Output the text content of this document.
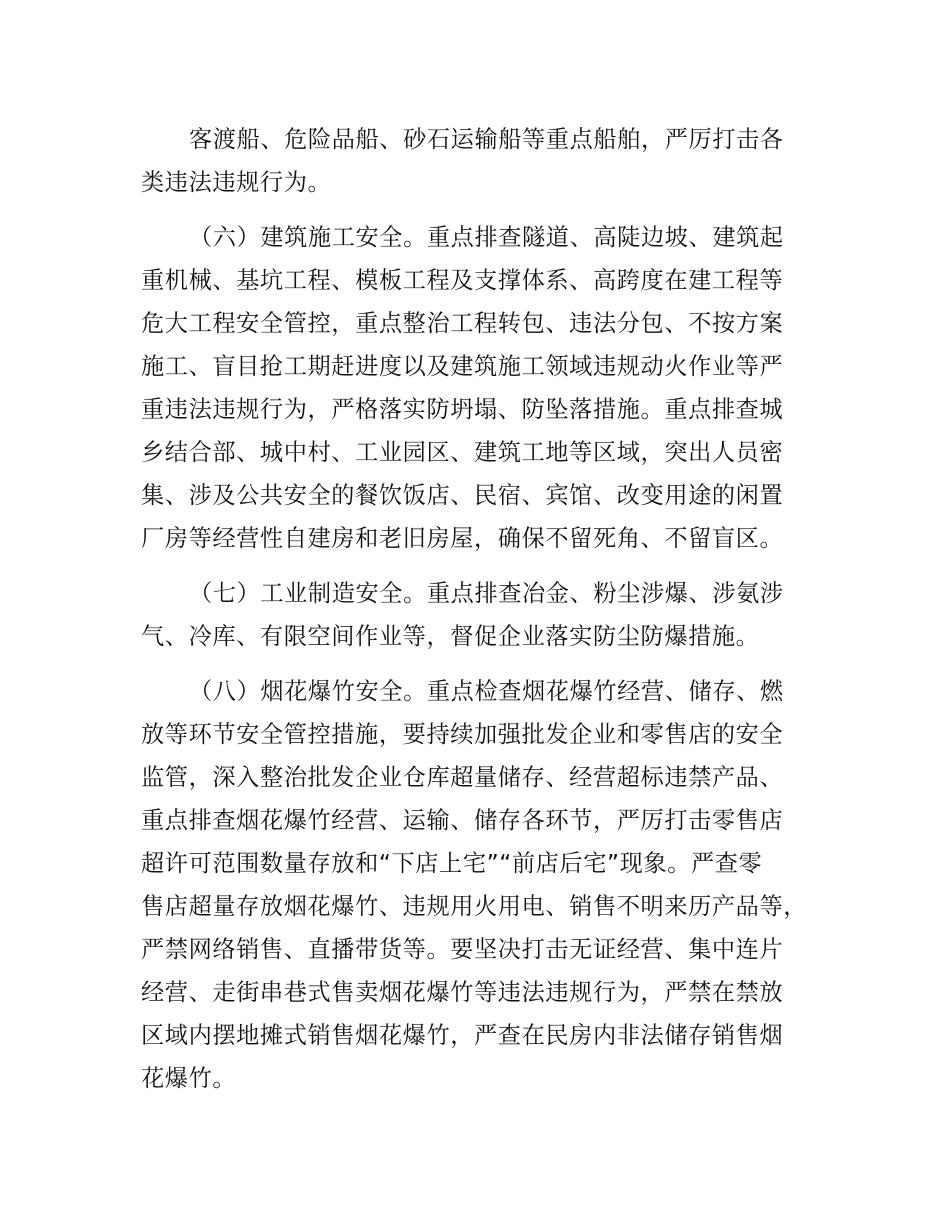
客渡船、危险品船、砂石运输船等重点船舶，严厉打击各
类违法违规行为。

（六）建筑施工安全。重点排查隧道、高陡边坡、建筑起
重机械、基坑工程、模板工程及支撑体系、高跨度在建工程等
危大工程安全管控，重点整治工程转包、违法分包、不按方案
施工、盲目抢工期赶进度以及建筑施工领域违规动火作业等严
重违法违规行为，严格落实防坍塌、防坠落措施。重点排查城
乡结合部、城中村、工业园区、建筑工地等区域，突出人员密
集、涉及公共安全的餐饮饭店、民宿、宾馆、改变用途的闲置
厂房等经营性自建房和老旧房屋，确保不留死角、不留盲区。

（七）工业制造安全。重点排查冶金、粉尘涉爆、涉氨涉
气、冷库、有限空间作业等，督促企业落实防尘防爆措施。

（八）烟花爆竹安全。重点检查烟花爆竹经营、储存、燃
放等环节安全管控措施，要持续加强批发企业和零售店的安全
监管，深入整治批发企业仓库超量储存、经营超标违禁产品、
重点排查烟花爆竹经营、运输、储存各环节，严厉打击零售店
超许可范围数量存放和“下店上宅”“前店后宅”现象。严查零
售店超量存放烟花爆竹、违规用火用电、销售不明来历产品等，
严禁网络销售、直播带货等。要坚决打击无证经营、集中连片
经营、走街串巷式售卖烟花爆竹等违法违规行为，严禁在禁放
区域内摆地摊式销售烟花爆竹，严查在民房内非法储存销售烟
花爆竹。
